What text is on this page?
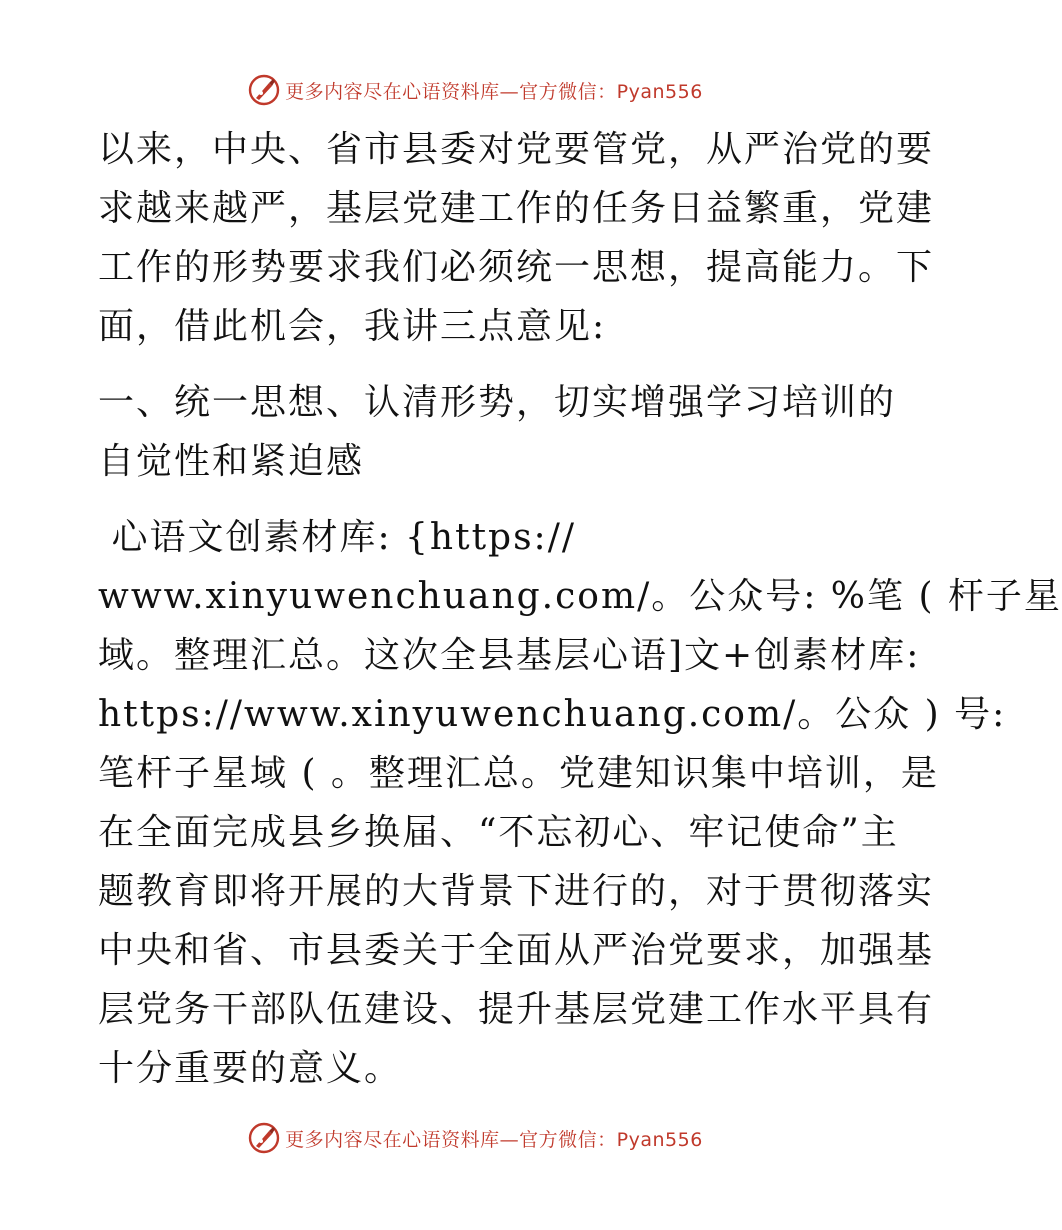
更多内容尽在心语资料库—官方微信：Pyan556
以来，中央、省市县委对党要管党，从严治党的要
求越来越严，基层党建工作的任务日益繁重，党建
工作的形势要求我们必须统一思想，提高能力。下
面，借此机会，我讲三点意见:
一、统一思想、认清形势，切实增强学习培训的
自觉性和紧迫感
心语文创素材库: {https://
www.xinyuwenchuang.com/。公众号: %笔 ( 杆子星
域。整理汇总。这次全县基层心语]文+创素材库:
https://www.xinyuwenchuang.com/。公众 ) 号:
笔杆子星域 ( 。整理汇总。党建知识集中培训，是
在全面完成县乡换届、“不忘初心、牢记使命”主
题教育即将开展的大背景下进行的，对于贯彻落实
中央和省、市县委关于全面从严治党要求，加强基
层党务干部队伍建设、提升基层党建工作水平具有
十分重要的意义。
更多内容尽在心语资料库—官方微信：Pyan556
